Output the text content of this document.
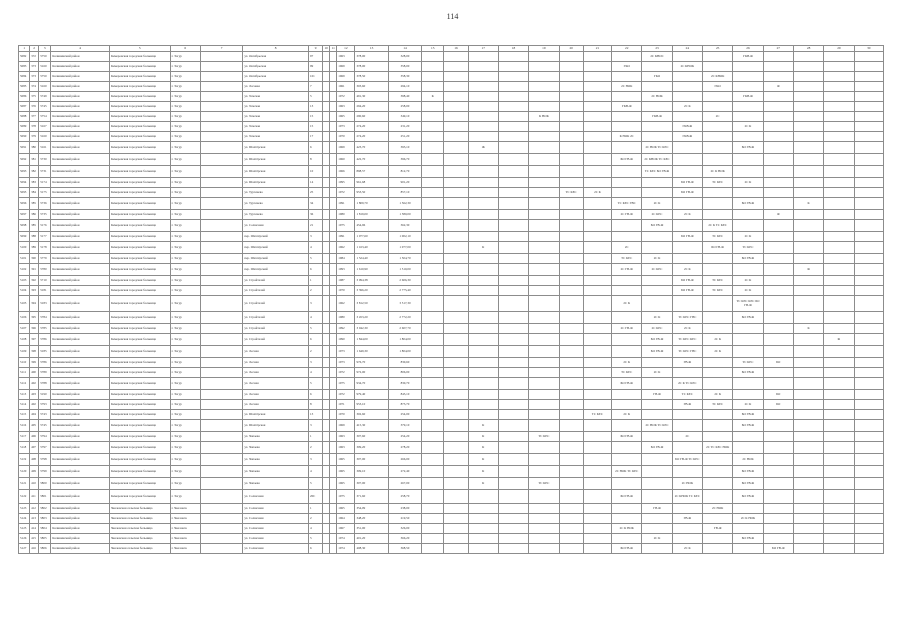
114
1	2	3	4	5	6	7	8	9	10	11	12	13	14	15	16	17	18	19	20	21	22	23	24	25	26	27	28	29	30
5082	372	5750	Калининский район	Кемеровская городская больница	г. Тогур		ул. Октябрьская	97			1963	378,00	328,00									2С КНОС			ГКВ-Ф				
5083	373	5160	Калининский район	Кемеровская городская больница	г. Тогур		ул. Октябрьская	99			1969	378,00	358,00								ГКО		2С КНОК						
5084	373	5750	Калининский район	Кемеровская городская больница	г. Тогур		ул. Октябрьская	101			1969	378,50	358,30									ГКО		2С КНОК					
5085	374	5160	Калининский район	Кемеровская городская больница	г. Тогур		ул. Логовая	7			1961	303,60	294,10								2С НОК			ГКО		Ф			
5086	375	5749	Калининский район	Кемеровская городская больница	г. Тогур		ул. Томская	5			1972	491,30	398,40	К								2С НОК			ГКВ-Ф				
5087	376	5745	Калининский район	Кемеровская городская больница	г. Тогур		ул. Томская	13			1963	294,20	258,00								ГКВ-Ф		2С К						
5088	377	5754	Калининский район	Кемеровская городская больница	г. Тогур		ул. Томская	15			1965	290,60	349,10					К НОК				ГКВ-Ф		2С					
5089	378	5167	Калининский район	Кемеровская городская больница	г. Тогур		ул. Томская	15			1973	274,20	231,20										ГКВ-Ф		2С К				
5090	379	5160	Калининский район	Кемеровская городская больница	г. Тогур		ул. Томская	17			1970	274,20	251,20								К НОК 2С		ГКВ-Ф						
5091	380	5161	Калининский район	Кемеровская городская больница	г. Тогур		ул. Шахтёрская	6			1969	423,70	393,10			Ж						2С НОК ТС КЕС			БО ГВ-Ф				
5092	381	5730	Калининский район	Кемеровская городская больница	г. Тогур		ул. Шахтёрская	8			1960	422,70	396,70								БО ГВ-Ф	2С КНОК ТС КЕС							
5093	382	5731	Калининский район	Кемеровская городская больница	г. Тогур		ул. Шахтёрская	10			1966	898,57	812,70									ТС КЕС БО ГВ-Ф		2С К НОК					
5094	383	5174	Калининский район	Кемеровская городская больница	г. Тогур		ул. Шахтёрская	14			1995	961,68	901,20										БО ГВ-Ф	ТС КЕС	2С К				
5095	384	5175	Калининский район	Кемеровская городская больница	г. Тогур		ул. Тургенева	25			1972	953,50	857,10						ТС КЕС	2С К			БО ГВ-Ф						
5096	385	5736	Калининский район	Кемеровская городская больница	г. Тогур		ул. Тургенева	34			1991	1 809,70	1 562,30								ТС КЕС ГВС	2С К			БО ГВ-Ф		К		
5097	386	5735	Калининский район	Кемеровская городская больница	г. Тогур		ул. Тургенева	36			1980	1 819,00	1 580,00								2С ГВ-Ф	2С КЕС	2С К			Ф			
5098	385	5176	Калининский район	Кемеровская городская больница	г. Тогур		ул. Солнечная	21			1975	454,96	362,30									БО ГВ-Ф		2С К ТС КЕС					
5099	388	5177	Калининский район	Кемеровская городская больница	г. Тогур		пер. Шахтёрский	3			1991	1 077,60	1 002,10										БО ГВ-Ф	ТС КЕС	2С К				
5100	389	5178	Калининский район	Кемеровская городская больница	г. Тогур		пер. Шахтёрский	4			1962	1 163,40	1 077,00			К					2С			БО ГВ-Ф	ТС КЕС				
5101	390	5779	Калининский район	Кемеровская городская больница	г. Тогур		пер. Шахтёрский	5			1984	1 524,40	1 504,70								ТС КЕС	2С К			БО ГВ-Ф				
5102	391	5780	Калининский район	Кемеровская городская больница	г. Тогур		пер. Шахтёрский	6			1993	1 610,90	1 510,00								2С ГВ-Ф	2С КЕС	2С К				Ф		
5103	392	5710	Калининский район	Кемеровская городская больница	г. Тогур		ул. Стройтелей	1			1987	3 094,38	2 606,30										БО ГВ-Ф	ТС КЕС	2С К				
5104	393	5181	Калининский район	Кемеровская городская больница	г. Тогур		ул. Стройтелей	2			1970	3 396,20	2 775,40										БО ГВ-Ф	ТС КЕС	2С К				
5105	394	5183	Калининский район	Кемеровская городская больница	г. Тогур		ул. Стройтелей	3			1962	3 812,50	3 517,30								2С К				ТС КЕС КЕС БО ГВ-Ф				
5106	395	5784	Калининский район	Кемеровская городская больница	г. Тогур		ул. Стройтелей	4			1980	3 453,20	2 772,20									2С К	ТС КЕС ГВС		БО ГВ-Ф				
5107	396	5785	Калининский район	Кемеровская городская больница	г. Тогур		ул. Стройтелей	5			1992	3 042,30	2 607,70								2С ГВ-Ф	2С КЕС	2С К				К		
5108	397	5786	Калининский район	Кемеровская городская больница	г. Тогур		ул. Стройтелей	6			1990	1 844,00	1 804,00									БО ГВ-Ф	ТС КЕС КЕС	2С К				Ф	
5109	398	5185	Калининский район	Кемеровская городская больница	г. Тогур		ул. Лесная	2			1973	1 649,30	1 804,00									БО ГВ-Ф	ТС КЕС ГВС	2С К					
5110	399	5786	Калининский район	Кемеровская городская больница	г. Тогур		ул. Лесная	3			1973	976,70	830,60								2С К		ГВ-Ф		ТС КЕС	БО			
5111	400	5789	Калининский район	Кемеровская городская больница	г. Тогур		ул. Лесная	4			1972	972,00	806,00								ТС КЕС	2С К			БО ГВ-Ф				
5112	402	5788	Калининский район	Кемеровская городская больница	г. Тогур		ул. Лесная	5			1975	934,70	830,70								БО ГВ-Ф		2С К ТС КЕС						
5113	403	5190	Калининский район	Кемеровская городская больница	г. Тогур		ул. Лесная	6			1972	979,40	843,10									ГВ-Ф	ТС КЕС	2С К		БО			
5114	402	5793	Калининский район	Кемеровская городская больница	г. Тогур		ул. Лесная	8			1971	953,10	873,70										ГВ-Ф	ТС КЕС	2С К	БО			
5115	404	5743	Калининский район	Кемеровская городская больница	г. Тогур		ул. Шахтёрская	13			1970	302,60	254,00							ТС КЕС	2С К				БО ГВ-Ф				
5116	405	5745	Калининский район	Кемеровская городская больница	г. Тогур		ул. Шахтёрская	3			1969	415,30	379,10			К						2С НОК ТС КЕС			БО ГВ-Ф				
5117	406	5794	Калининский район	Кемеровская городская больница	г. Тогур		ул. Чапаева	1			1963	307,60	254,20			К		ТС КЕС			БО ГВ-Ф		2С						
5118	407	5797	Калининский район	Кемеровская городская больница	г. Тогур		ул. Чапаева	2			1963	309,20	278,20			К						БО ГВ-Ф		2С ТС КЕС НОК					
5119	408	5798	Калининский район	Кемеровская городская больница	г. Тогур		ул. Чапаева	3			1965	307,00	266,00			К							БО ГВ-Ф ТС КЕС		2С НОК				
5120	409	5799	Калининский район	Кемеровская городская больница	г. Тогур		ул. Чапаева	4			1965	309,10	272,40			К					2С НОК ТС КЕС				БО ГВ-Ф				
5121	410	5800	Калининский район	Кемеровская городская больница	г. Тогур		ул. Чапаева	5			1965	307,00	267,00			К		ТС КЕС					2С НОК		БО ГВ-Ф				
5122	411	5801	Калининский район	Кемеровская городская больница	г. Тогур		ул. Солнечная	20С			1975	371,60	258,70								БО ГВ-Ф		2С КНОК ТС КЕС		БО ГВ-Ф				
5123	412	5802	Калининский район	Чкаловская сельская больница	г. Чкаловск		ул. Солнечная	1			1965	354,09	238,00									ГВ-Ф		2С НОК					
5124	413	5803	Калининский район	Чкаловская сельская больница	г. Чкаловск		ул. Солнечная	2			1964	348,20	219,50										ГВ-Ф		2С К НОК				
5125	414	5804	Калининский район	Чкаловская сельская больница	г. Чкаловск		ул. Солнечная	4			1967	351,00	326,00								2С К НОК			ГВ-Ф					
5126	415	5805	Калининский район	Чкаловская сельская больница	г. Чкаловск		ул. Солнечная	5			1974	401,20	366,20									2С К			БО ГВ-Ф				
5127	416	5806	Калининский район	Чкаловская сельская больница	г. Чкаловск		ул. Солнечная	6			1974	408,30	368,50								БО ГВ-Ф		2С К			БО ГВ-Ф			
